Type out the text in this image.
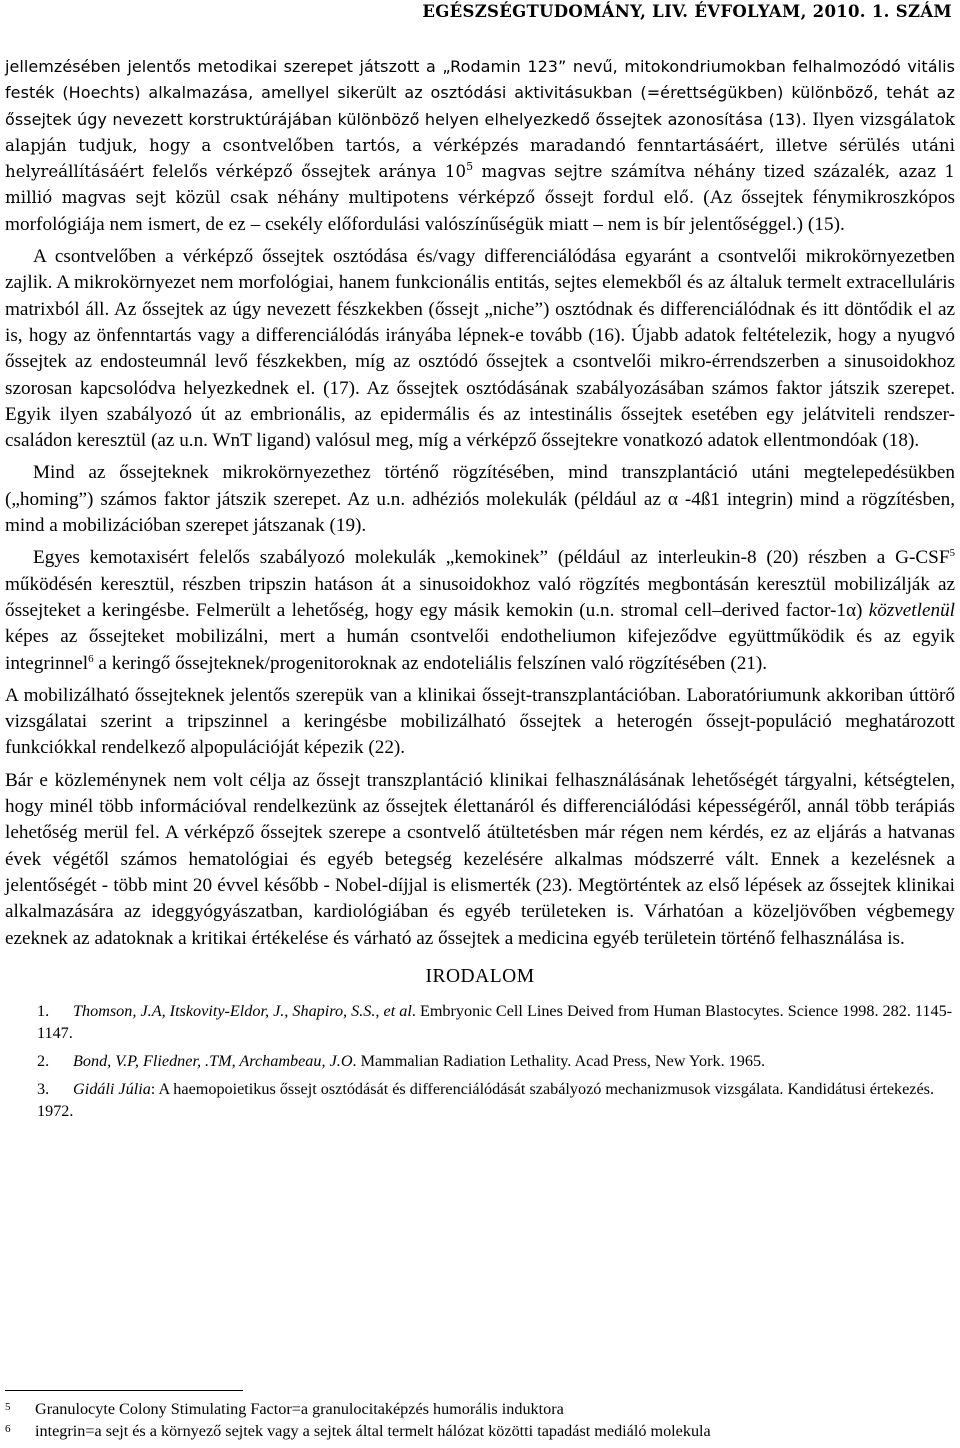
EGÉSZSÉGTUDOMÁNY, LIV. ÉVFOLYAM, 2010. 1. SZÁM

jellemzésében jelentős metodikai szerepet játszott a „Rodamin 123” nevű, mitokondriumokban felhalmozódó vitális festék (Hoechts) alkalmazása, amellyel sikerült az osztódási aktivitásukban (=érettségükben) különböző, tehát az őssejtek úgy nevezett korstruktúrájában különböző helyen elhelyezkedő őssejtek azonosítása (13). Ilyen vizsgálatok alapján tudjuk, hogy a csontvelőben tartós, a vérképzés maradandó fenntartásáért, illetve sérülés utáni helyreállításáért felelős vérképző őssejtek aránya $10^5$ magvas sejtre számítva néhány tized százalék, azaz 1 millió magvas sejt közül csak néhány multipotens vérképző őssejt fordul elő. (Az őssejtek fénymikroszkópos morfológiája nem ismert, de ez – csekély előfordulási valószínűségük miatt – nem is bír jelentőséggel.) (15).

A csontvelőben a vérképző őssejtek osztódása és/vagy differenciálódása egyaránt a csontvelői mikrokörnyezetben zajlik. A mikrokörnyezet nem morfológiai, hanem funkcionális entitás, sejtes elemekből és az általuk termelt extracelluláris matrixból áll. Az őssejtek az úgy nevezett fészkekben (őssejt „niche”) osztódnak és differenciálódnak és itt döntődik el az is, hogy az önfenntartás vagy a differenciálódás irányába lépnek-e tovább (16). Újabb adatok feltételezik, hogy a nyugvó őssejtek az endosteumnál levő fészkekben, míg az osztódó őssejtek a csontvelői mikro-érrendszerben a sinusoidokhoz szorosan kapcsolódva helyezkednek el. (17). Az őssejtek osztódásának szabályozásában számos faktor játszik szerepet. Egyik ilyen szabályozó út az embrionális, az epidermális és az intestinális őssejtek esetében egy jelátviteli rendszer-családon keresztül (az u.n. WnT ligand) valósul meg, míg a vérképző őssejtekre vonatkozó adatok ellentmondóak (18).

Mind az őssejteknek mikrokörnyezethez történő rögzítésében, mind transzplantáció utáni megtelepedésükben („homing”) számos faktor játszik szerepet. Az u.n. adhéziós molekulák (például az α -4ß1 integrin) mind a rögzítésben, mind a mobilizációban szerepet játszanak (19).

Egyes kemotaxisért felelős szabályozó molekulák „kemokinek” (például az interleukin-8 (20) részben a G-CSF$^5$ működésén keresztül, részben tripszin hatáson át a sinusoidokhoz való rögzítés megbontásán keresztül mobilizálják az őssejteket a keringésbe. Felmerült a lehetőség, hogy egy másik kemokin (u.n. stromal cell–derived factor-1α) közvetlenül képes az őssejteket mobilizálni, mert a humán csontvelői endotheliumon kifejeződve együttműködik és az egyik integrinnel$^6$ a keringő őssejteknek/progenitoroknak az endoteliális felszínen való rögzítésében (21).

A mobilizálható őssejteknek jelentős szerepük van a klinikai őssejt-transzplantációban. Laboratóriumunk akkoriban úttörő vizsgálatai szerint a tripszinnel a keringésbe mobilizálható őssejtek a heterogén őssejt-populáció meghatározott funkciókkal rendelkező alpopulációját képezik (22).

Bár e közleménynek nem volt célja az őssejt transzplantáció klinikai felhasználásának lehetőségét tárgyalni, kétségtelen, hogy minél több információval rendelkezünk az őssejtek élettanáról és differenciálódási képességéről, annál több terápiás lehetőség merül fel. A vérképző őssejtek szerepe a csontvelő átültetésben már régen nem kérdés, ez az eljárás a hatvanas évek végétől számos hematológiai és egyéb betegség kezelésére alkalmas módszerré vált. Ennek a kezelésnek a jelentőségét - több mint 20 évvel később - Nobel-díjjal is elismerték (23). Megtörténtek az első lépések az őssejtek klinikai alkalmazására az ideggyógyászatban, kardiológiában és egyéb területeken is. Várhatóan a közeljövőben végbemegy ezeknek az adatoknak a kritikai értékelése és várható az őssejtek a medicina egyéb területein történő felhasználása is.

IRODALOM

1. Thomson, J.A, Itskovity-Eldor, J., Shapiro, S.S., et al. Embryonic Cell Lines Deived from Human Blastocytes. Science 1998. 282. 1145-1147.

2. Bond, V.P, Fliedner, .TM, Archambeau, J.O. Mammalian Radiation Lethality. Acad Press, New York. 1965.

3. Gidáli Júlia: A haemopoietikus őssejt osztódását és differenciálódását szabályozó mechanizmusok vizsgálata. Kandidátusi értekezés. 1972.

5 Granulocyte Colony Stimulating Factor=a granulocitaképzés humorális induktora

6 integrin=a sejt és a környező sejtek vagy a sejtek által termelt hálózat közötti tapadást mediáló molekula
